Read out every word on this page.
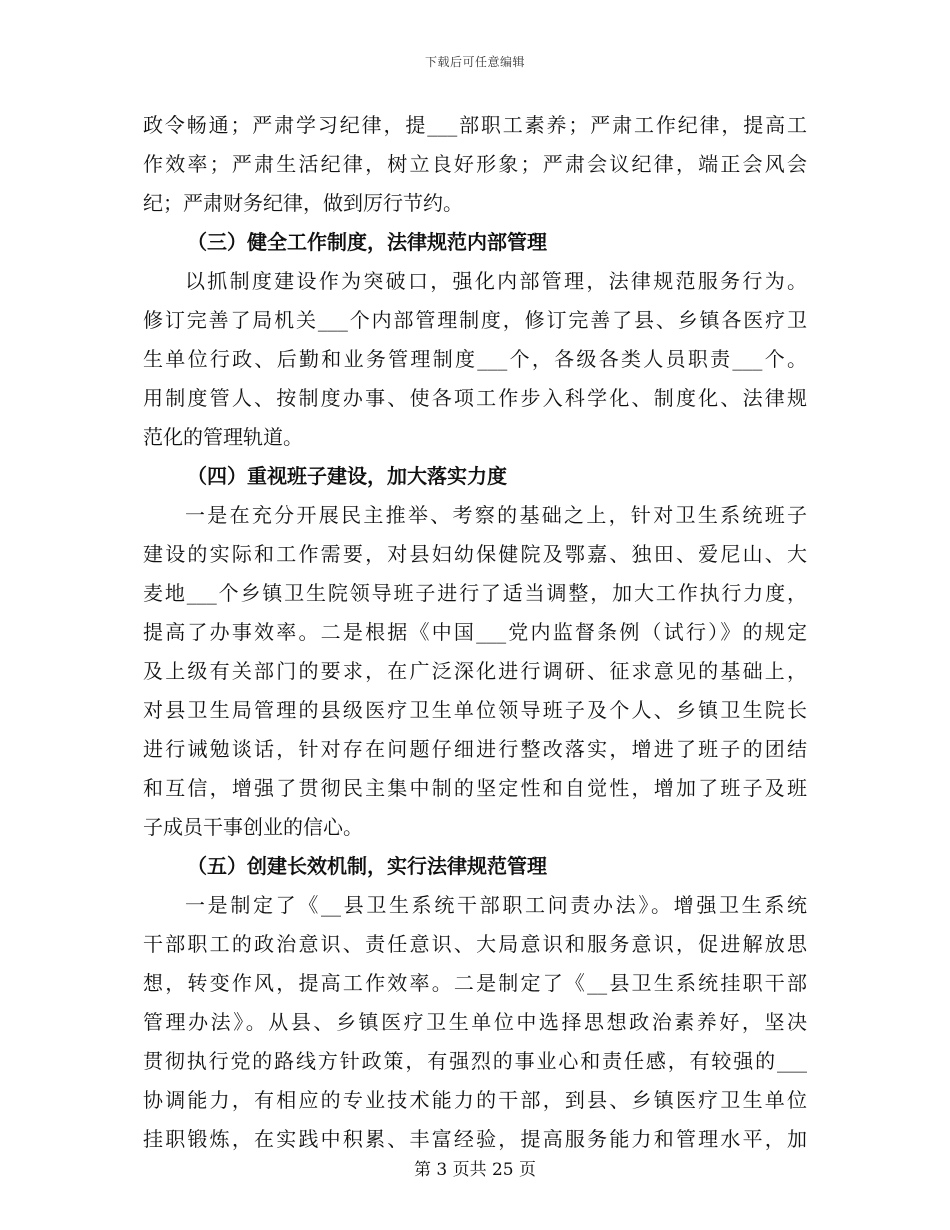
下载后可任意编辑
政令畅通；严肃学习纪律，提___部职工素养；严肃工作纪律，提高工
作效率；严肃生活纪律，树立良好形象；严肃会议纪律，端正会风会
纪；严肃财务纪律，做到厉行节约。
（三）健全工作制度，法律规范内部管理
以抓制度建设作为突破口，强化内部管理，法律规范服务行为。
修订完善了局机关___个内部管理制度，修订完善了县、乡镇各医疗卫
生单位行政、后勤和业务管理制度___个，各级各类人员职责___个。
用制度管人、按制度办事、使各项工作步入科学化、制度化、法律规
范化的管理轨道。
（四）重视班子建设，加大落实力度
一是在充分开展民主推举、考察的基础之上，针对卫生系统班子
建设的实际和工作需要，对县妇幼保健院及鄂嘉、独田、爱尼山、大
麦地___个乡镇卫生院领导班子进行了适当调整，加大工作执行力度，
提高了办事效率。二是根据《中国___党内监督条例（试行）》的规定
及上级有关部门的要求，在广泛深化进行调研、征求意见的基础上，
对县卫生局管理的县级医疗卫生单位领导班子及个人、乡镇卫生院长
进行诫勉谈话，针对存在问题仔细进行整改落实，增进了班子的团结
和互信，增强了贯彻民主集中制的坚定性和自觉性，增加了班子及班
子成员干事创业的信心。
（五）创建长效机制，实行法律规范管理
一是制定了《__县卫生系统干部职工问责办法》。增强卫生系统
干部职工的政治意识、责任意识、大局意识和服务意识，促进解放思
想，转变作风，提高工作效率。二是制定了《__县卫生系统挂职干部
管理办法》。从县、乡镇医疗卫生单位中选择思想政治素养好，坚决
贯彻执行党的路线方针政策，有强烈的事业心和责任感，有较强的___
协调能力，有相应的专业技术能力的干部，到县、乡镇医疗卫生单位
挂职锻炼，在实践中积累、丰富经验，提高服务能力和管理水平，加
第 3 页共 25 页
